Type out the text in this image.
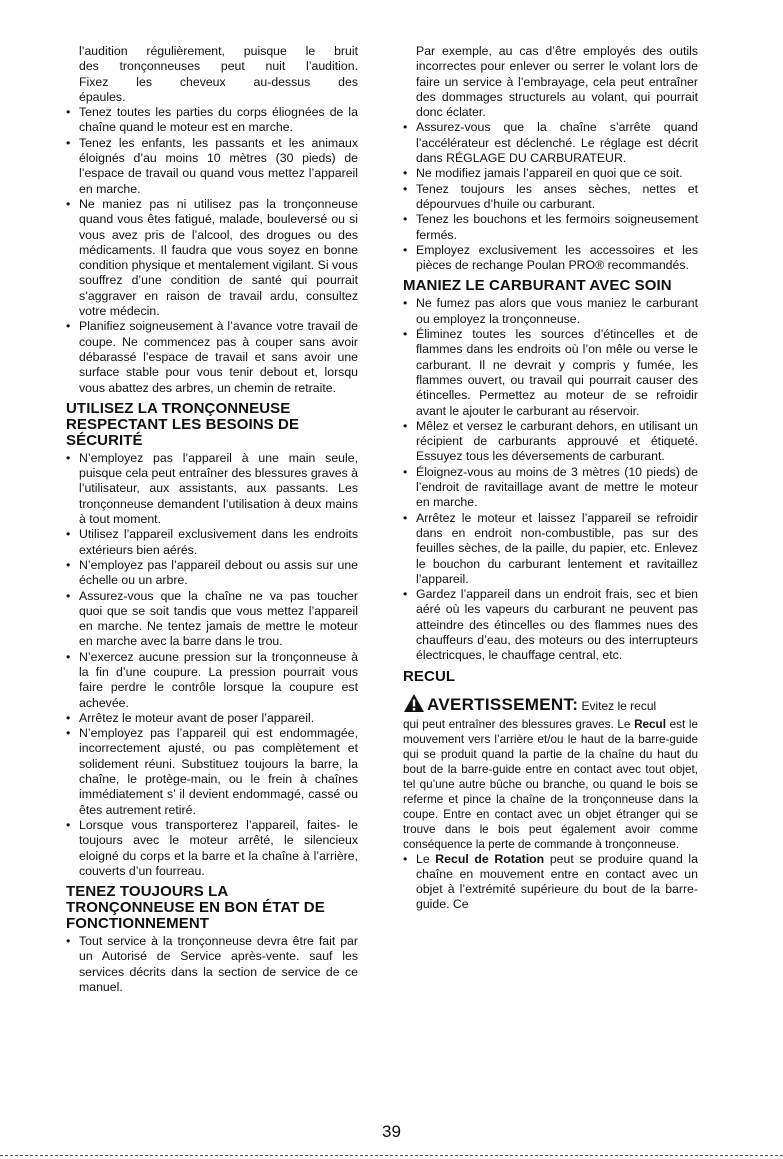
l’audition régulièrement, puisque le bruit

des tronçonneuses peut nuit l’audition.

Fixez les cheveux au-dessus des

épaules.

• Tenez toutes les parties du corps éliognées de la chaîne quand le moteur est en marche.
• Tenez les enfants, les passants et les animaux éloignés d’au moins 10 mètres (30 pieds) de l’espace de travail ou quand vous mettez l’appareil en marche.
• Ne maniez pas ni utilisez pas la tronçonneuse quand vous êtes fatigué, malade, bouleversé ou si vous avez pris de l’alcool, des drogues ou des médicaments. Il faudra que vous soyez en bonne condition physique et mentalement vigilant. Si vous souffrez d’une condition de santé qui pourrait s’aggraver en raison de travail ardu, consultez votre médecin.
• Planifiez soigneusement à l’avance votre travail de coupe. Ne commencez pas à couper sans avoir débarassé l’espace de travail et sans avoir une surface stable pour vous tenir debout et, lorsqu vous abattez des arbres, un chemin de retraite.
UTILISEZ LA TRONÇONNEUSE RESPECTANT LES BESOINS DE SÉCURITÉ
• N’employez pas l’appareil à une main seule, puisque cela peut entraîner des blessures graves à l’utilisateur, aux assistants, aux passants. Les tronçonneuse demandent l’utilisation à deux mains à tout moment.
• Utilisez l’appareil exclusivement dans les endroits extérieurs bien aérés.
• N’employez pas l’appareil debout ou assis sur une échelle ou un arbre.
• Assurez-vous que la chaîne ne va pas toucher quoi que se soit tandis que vous mettez l’appareil en marche. Ne tentez jamais de mettre le moteur en marche avec la barre dans le trou.
• N’exercez aucune pression sur la tronçonneuse à la fin d’une coupure. La pression pourrait vous faire perdre le contrôle lorsque la coupure est achevée.
• Arrêtez le moteur avant de poser l’appareil.
• N’employez pas l’appareil qui est endommagée, incorrectement ajusté, ou pas complètement et solidement réuni. Substituez toujours la barre, la chaîne, le protège-main, ou le frein à chaînes immédiatement s’ il devient endommagé, cassé ou êtes autrement retiré.
• Lorsque vous transporterez l’appareil, faites- le toujours avec le moteur arrêté, le silencieux eloigné du corps et la barre et la chaîne à l’arrière, couverts d’un fourreau.
TENEZ TOUJOURS LA TRONÇONNEUSE EN BON ÉTAT DE FONCTIONNEMENT
• Tout service à la tronçonneuse devra être fait par un Autorisé de Service après-vente. sauf les services décrits dans la section de service de ce manuel.

Par exemple, au cas d’être employés des outils incorrectes pour enlever ou serrer le volant lors de faire un service à l’embrayage, cela peut entraîner des dommages structurels au volant, qui pourrait donc éclater.

• Assurez-vous que la chaîne s’arrête quand l’accélérateur est déclenché. Le réglage est décrit dans RÉGLAGE DU CARBURATEUR.
• Ne modifiez jamais l’appareil en quoi que ce soit.
• Tenez toujours les anses sèches, nettes et dépourvues d’huile ou carburant.
• Tenez les bouchons et les fermoirs soigneusement fermés.
• Employez exclusivement les accessoires et les pièces de rechange Poulan PRO® recommandés.
MANIEZ LE CARBURANT AVEC SOIN
• Ne fumez pas alors que vous maniez le carburant ou employez la tronçonneuse.
• Éliminez toutes les sources d’étincelles et de flammes dans les endroits où l’on mêle ou verse le carburant. Il ne devrait y compris y fumée, les flammes ouvert, ou travail qui pourrait causer des étincelles. Permettez au moteur de se refroidir avant le ajouter le carburant au réservoir.
• Mêlez et versez le carburant dehors, en utilisant un récipient de carburants approuvé et étiqueté. Essuyez tous les déversements de carburant.
• Éloignez-vous au moins de 3 mètres (10 pieds) de l’endroit de ravitaillage avant de mettre le moteur en marche.
• Arrêtez le moteur et laissez l’appareil se refroidir dans en endroit non-combustible, pas sur des feuilles sèches, de la paille, du papier, etc. Enlevez le bouchon du carburant lentement et ravitaillez l’appareil.
• Gardez l’appareil dans un endroit frais, sec et bien aéré où les vapeurs du carburant ne peuvent pas atteindre des étincelles ou des flammes nues des chauffeurs d’eau, des moteurs ou des interrupteurs électricques, le chauffage central, etc.
RECUL
AVERTISSEMENT: Evitez le recul

qui peut entraîner des blessures graves. Le Recul est le mouvement vers l’arrière et/ou le haut de la barre-guide qui se produit quand la partie de la chaîne du haut du bout de la barre-guide entre en contact avec tout objet, tel qu’une autre bûche ou branche, ou quand le bois se referme et pince la chaîne de la tronçonneuse dans la coupe. Entre en contact avec un objet étranger qui se trouve dans le bois peut également avoir comme conséquence la perte de commande à tronçonneuse.

• Le Recul de Rotation peut se produire quand la chaîne en mouvement entre en contact avec un objet à l’extrémité supérieure du bout de la barre-guide. Ce
39
